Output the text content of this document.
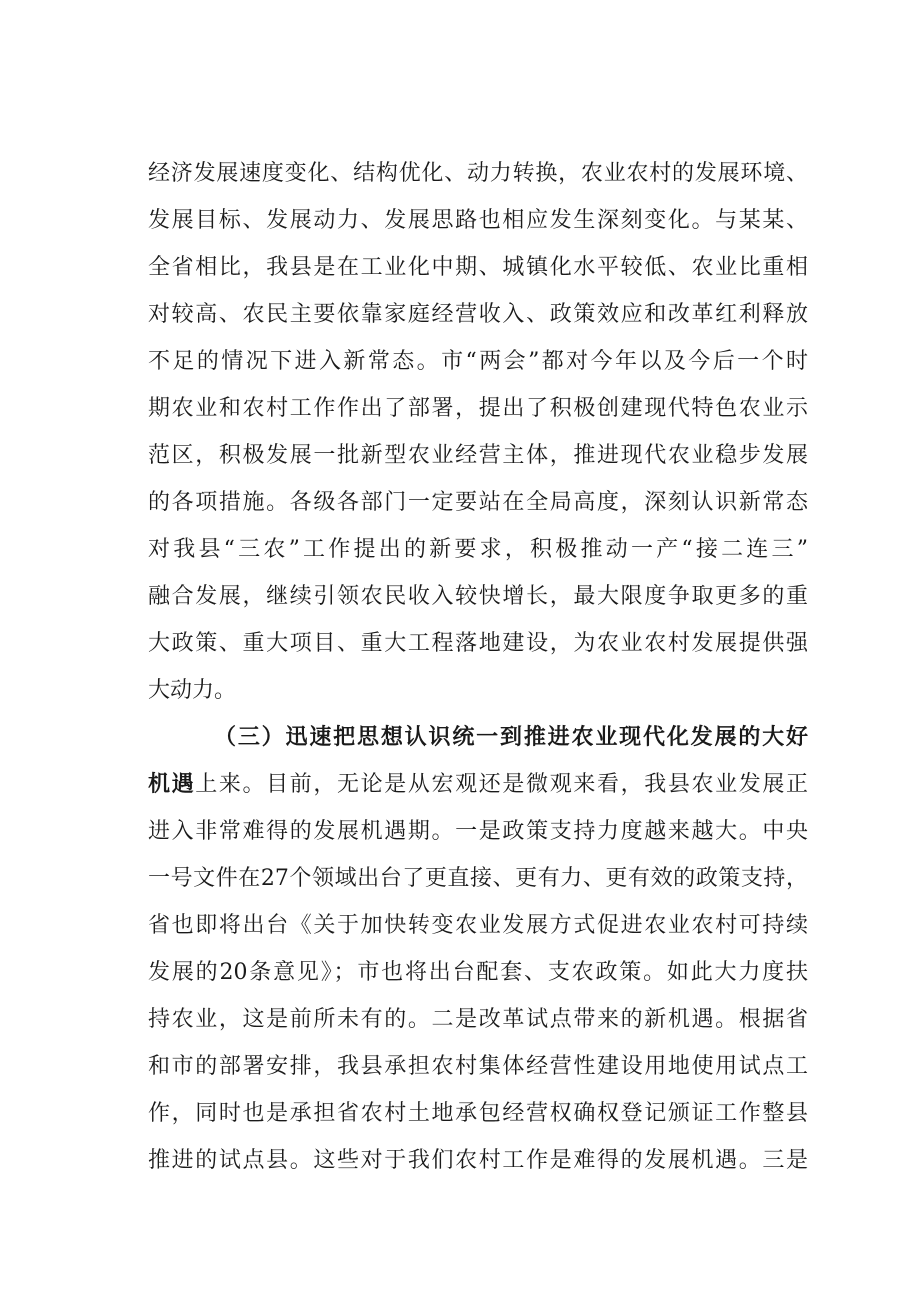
经济发展速度变化、结构优化、动力转换，农业农村的发展环境、
发展目标、发展动力、发展思路也相应发生深刻变化。与某某、
全省相比，我县是在工业化中期、城镇化水平较低、农业比重相
对较高、农民主要依靠家庭经营收入、政策效应和改革红利释放
不足的情况下进入新常态。市“两会”都对今年以及今后一个时
期农业和农村工作作出了部署，提出了积极创建现代特色农业示
范区，积极发展一批新型农业经营主体，推进现代农业稳步发展
的各项措施。各级各部门一定要站在全局高度，深刻认识新常态
对我县“三农”工作提出的新要求，积极推动一产“接二连三”
融合发展，继续引领农民收入较快增长，最大限度争取更多的重
大政策、重大项目、重大工程落地建设，为农业农村发展提供强
大动力。
（三）迅速把思想认识统一到推进农业现代化发展的大好
机遇上来。目前，无论是从宏观还是微观来看，我县农业发展正
进入非常难得的发展机遇期。一是政策支持力度越来越大。中央
一号文件在27个领域出台了更直接、更有力、更有效的政策支持，
省也即将出台《关于加快转变农业发展方式促进农业农村可持续
发展的20条意见》；市也将出台配套、支农政策。如此大力度扶
持农业，这是前所未有的。二是改革试点带来的新机遇。根据省
和市的部署安排，我县承担农村集体经营性建设用地使用试点工
作，同时也是承担省农村土地承包经营权确权登记颁证工作整县
推进的试点县。这些对于我们农村工作是难得的发展机遇。三是
